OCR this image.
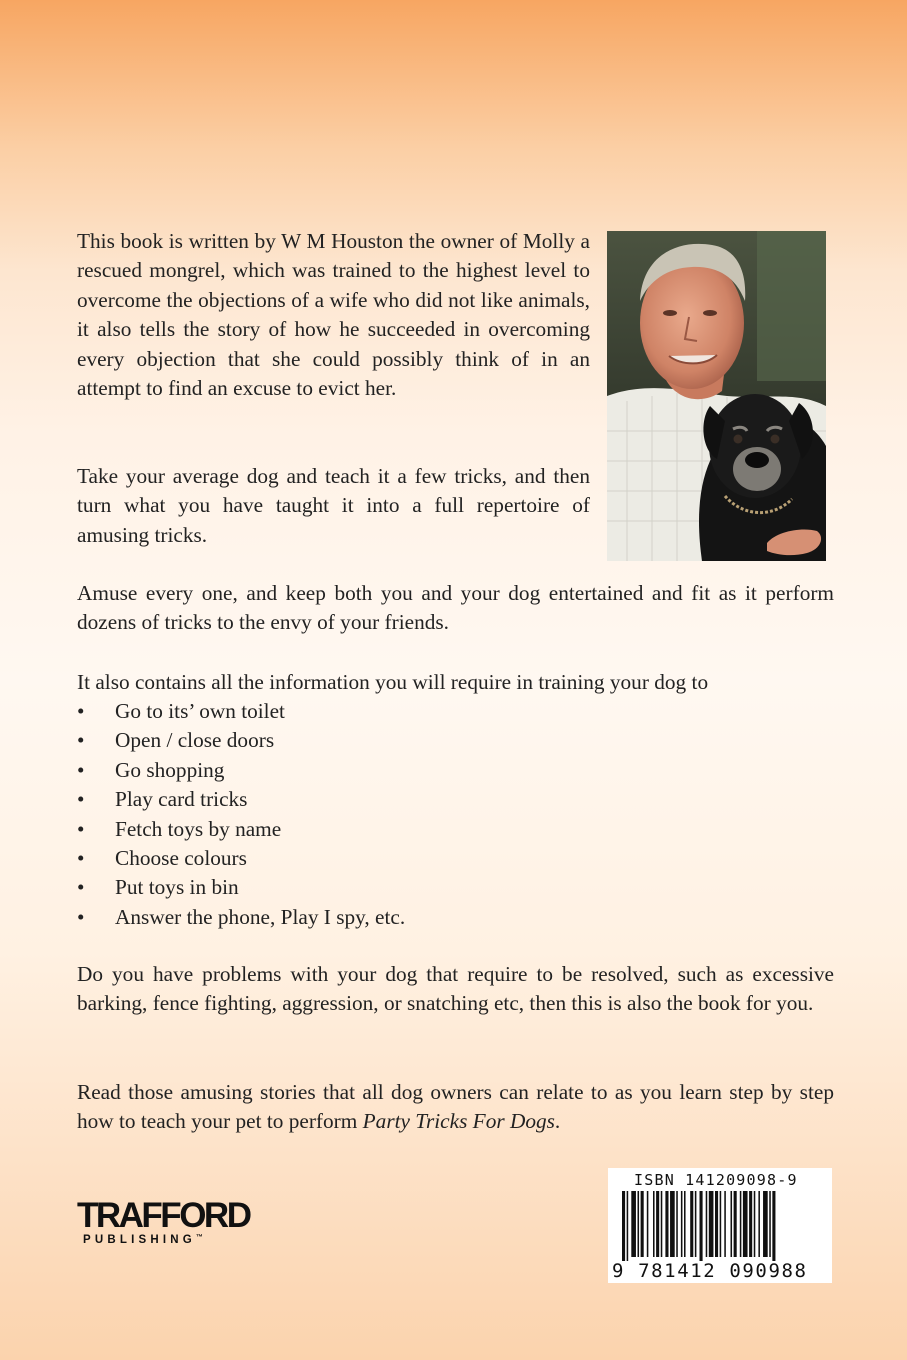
This book is written by W M Houston the owner of Molly a rescued mongrel, which was trained to the highest level to overcome the objections of a wife who did not like animals, it also tells the story of how he succeeded in overcoming every objection that she could possibly think of in an attempt to find an excuse to evict her.

Take your average dog and teach it a few tricks, and then turn what you have taught it into a full repertoire of amusing tricks.

Amuse every one, and keep both you and your dog entertained and fit as it perform dozens of tricks to the envy of your friends.

It also contains all the information you will require in training your dog to

• Go to its’ own toilet
• Open / close doors
• Go shopping
• Play card tricks
• Fetch toys by name
• Choose colours
• Put toys in bin
• Answer the phone, Play I spy, etc.

Do you have problems with your dog that require to be resolved, such as excessive barking, fence fighting, aggression, or snatching etc, then this is also the book for you.

Read those amusing stories that all dog owners can relate to as you learn step by step how to teach your pet to perform Party Tricks For Dogs.

TRAFFORD
PUBLISHING™
ISBN 141209098-9
9 781412 090988
